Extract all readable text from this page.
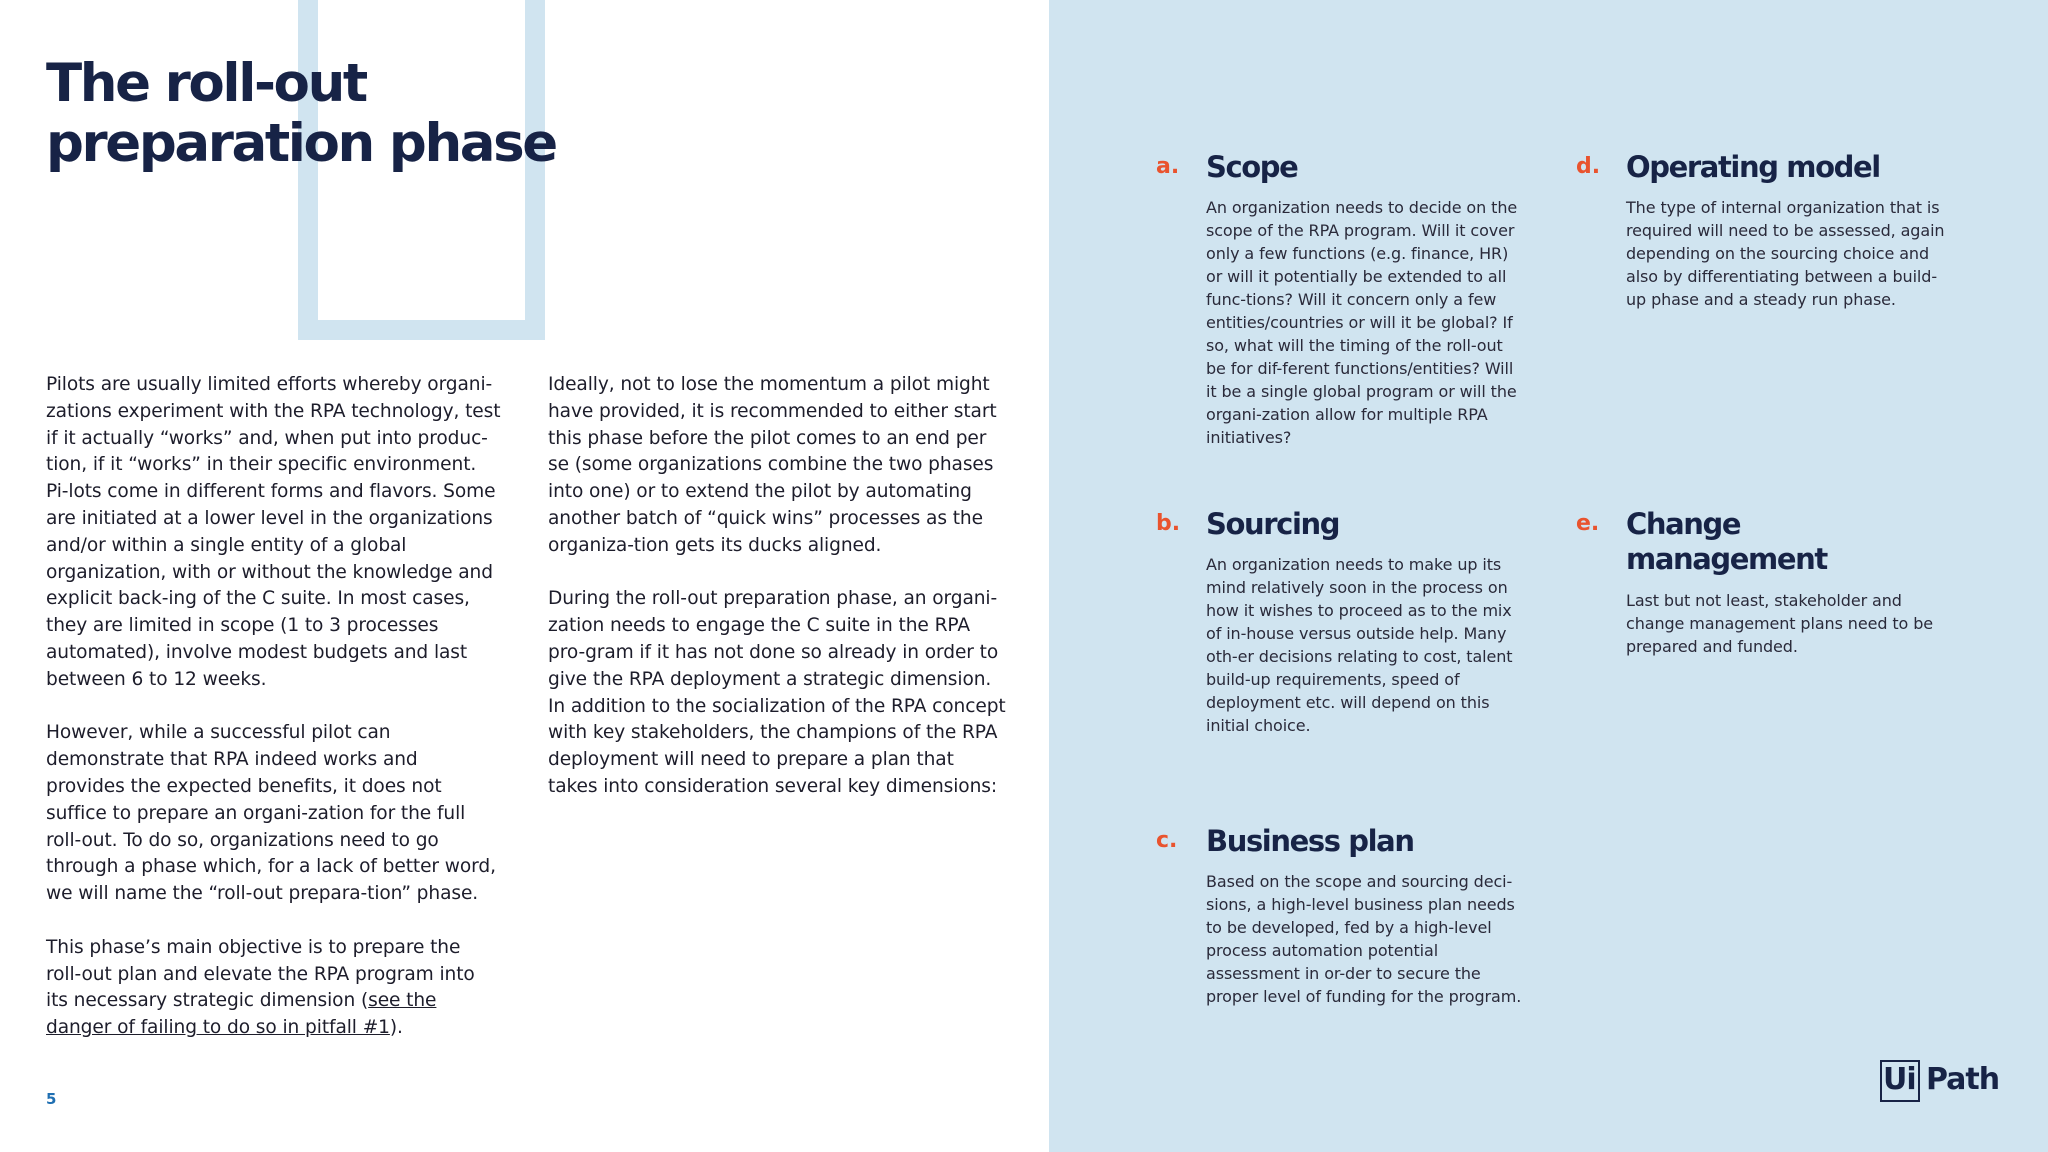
The roll-out
preparation phase

Pilots are usually limited efforts whereby organi-zations experiment with the RPA technology, test if it actually “works” and, when put into produc-tion, if it “works” in their specific environment. Pi-lots come in different forms and flavors. Some are initiated at a lower level in the organizations and/or within a single entity of a global organization, with or without the knowledge and explicit back-ing of the C suite. In most cases, they are limited in scope (1 to 3 processes automated), involve modest budgets and last between 6 to 12 weeks.

However, while a successful pilot can demonstrate that RPA indeed works and provides the expected benefits, it does not suffice to prepare an organi-zation for the full roll-out. To do so, organizations need to go through a phase which, for a lack of better word, we will name the “roll-out prepara-tion” phase.

This phase’s main objective is to prepare the roll-out plan and elevate the RPA program into its necessary strategic dimension (see the danger of failing to do so in pitfall #1).

Ideally, not to lose the momentum a pilot might have provided, it is recommended to either start this phase before the pilot comes to an end per se (some organizations combine the two phases into one) or to extend the pilot by automating another batch of “quick wins” processes as the organiza-tion gets its ducks aligned.

During the roll-out preparation phase, an organi-zation needs to engage the C suite in the RPA pro-gram if it has not done so already in order to give the RPA deployment a strategic dimension.

In addition to the socialization of the RPA concept with key stakeholders, the champions of the RPA deployment will need to prepare a plan that takes into consideration several key dimensions:

5
a. Scope

An organization needs to decide on the scope of the RPA program. Will it cover only a few functions (e.g. finance, HR) or will it potentially be extended to all func-tions? Will it concern only a few entities/countries or will it be global? If so, what will the timing of the roll-out be for dif-ferent functions/entities? Will it be a single global program or will the organi-zation allow for multiple RPA initiatives?

b. Sourcing

An organization needs to make up its mind relatively soon in the process on how it wishes to proceed as to the mix of in-house versus outside help. Many oth-er decisions relating to cost, talent build-up requirements, speed of deployment etc. will depend on this initial choice.

c. Business plan

Based on the scope and sourcing deci-sions, a high-level business plan needs to be developed, fed by a high-level process automation potential assessment in or-der to secure the proper level of funding for the program.

d. Operating model

The type of internal organization that is required will need to be assessed, again depending on the sourcing choice and also by differentiating between a build-up phase and a steady run phase.

e. Change management

Last but not least, stakeholder and change management plans need to be prepared and funded.

Ui Path
